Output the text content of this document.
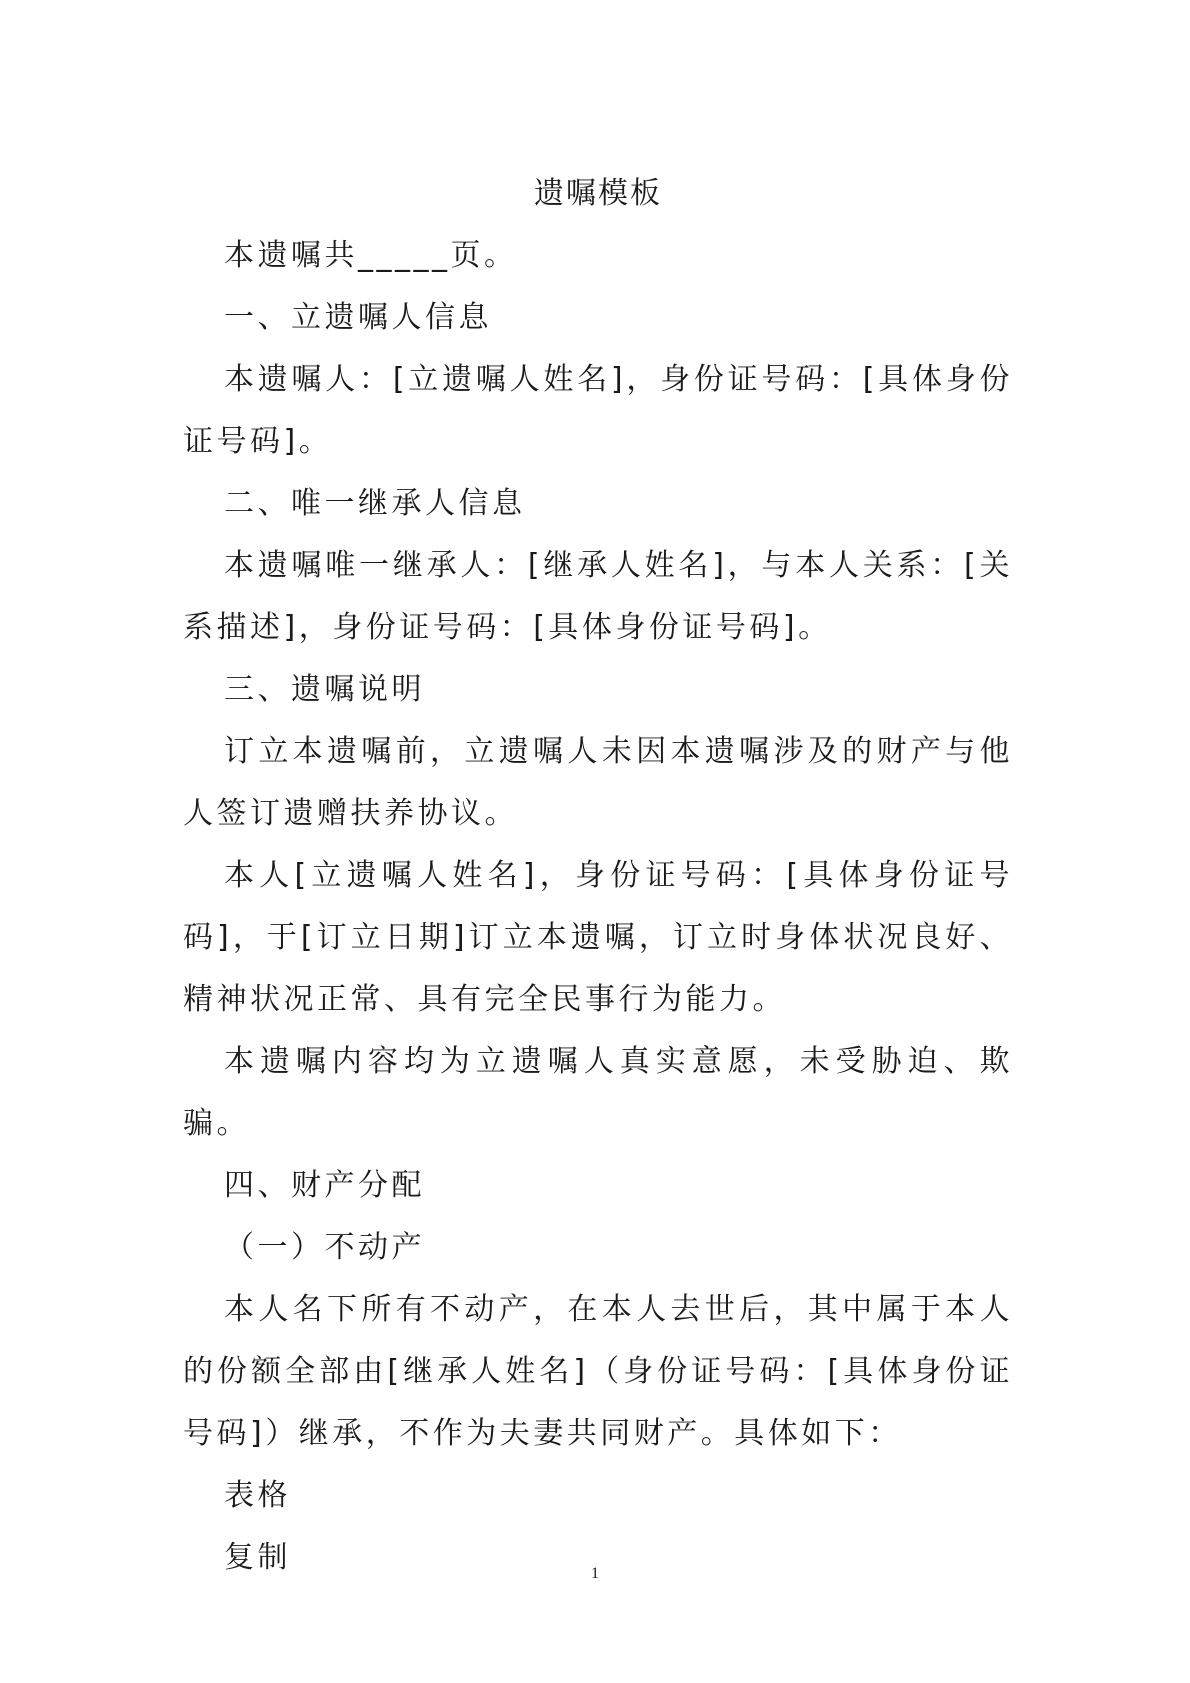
遗嘱模板

本遗嘱共_____页。

一、立遗嘱人信息

本遗嘱人：[立遗嘱人姓名]，身份证号码：[具体身份证号码]。

二、唯一继承人信息

本遗嘱唯一继承人：[继承人姓名]，与本人关系：[关系描述]，身份证号码：[具体身份证号码]。

三、遗嘱说明

订立本遗嘱前，立遗嘱人未因本遗嘱涉及的财产与他人签订遗赠扶养协议。

本人[立遗嘱人姓名]，身份证号码：[具体身份证号码]，于[订立日期]订立本遗嘱，订立时身体状况良好、精神状况正常、具有完全民事行为能力。

本遗嘱内容均为立遗嘱人真实意愿，未受胁迫、欺骗。

四、财产分配

（一）不动产

本人名下所有不动产，在本人去世后，其中属于本人的份额全部由[继承人姓名]（身份证号码：[具体身份证号码]）继承，不作为夫妻共同财产。具体如下：

表格

复制	1
